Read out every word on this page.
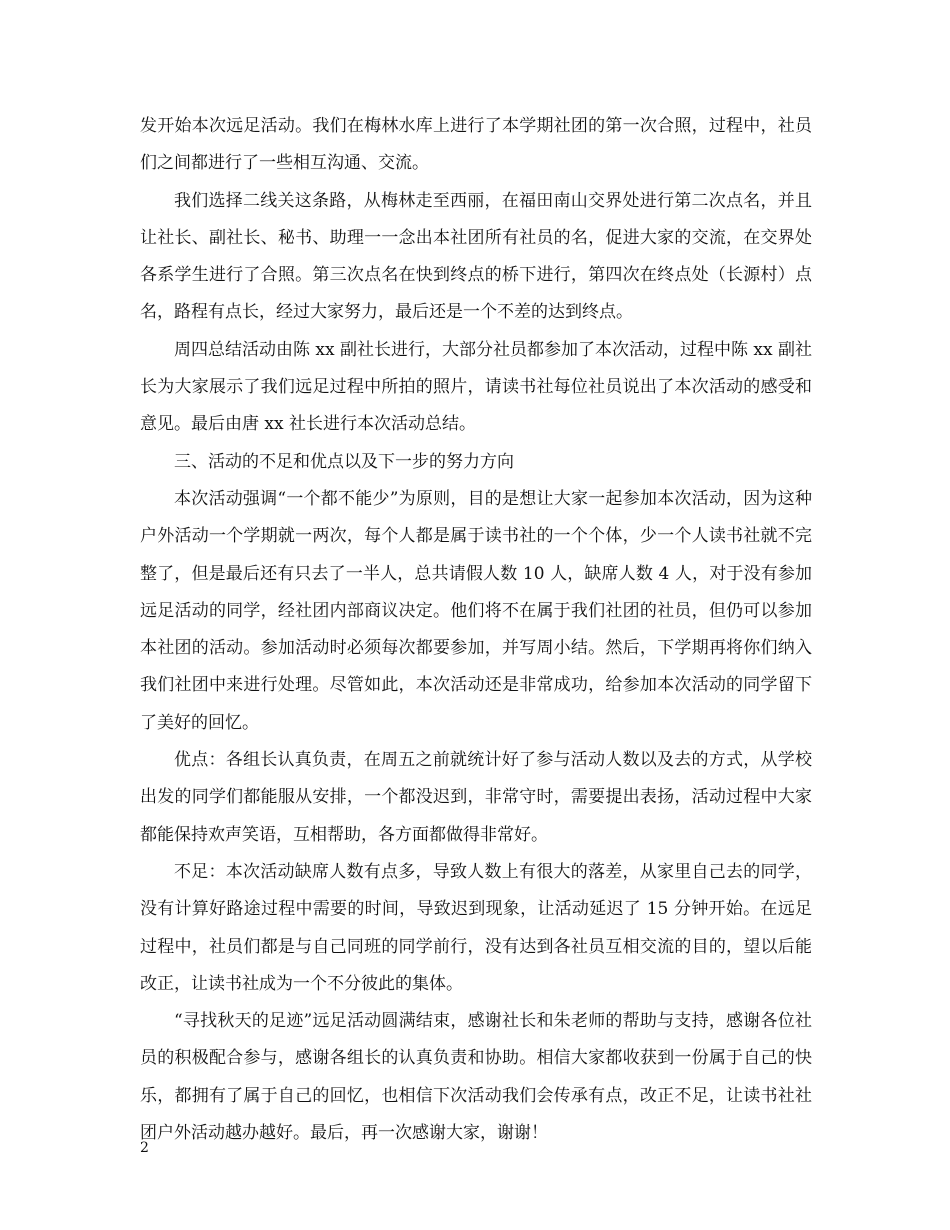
发开始本次远足活动。我们在梅林水库上进行了本学期社团的第一次合照，过程中，社员们之间都进行了一些相互沟通、交流。

我们选择二线关这条路，从梅林走至西丽，在福田南山交界处进行第二次点名，并且让社长、副社长、秘书、助理一一念出本社团所有社员的名，促进大家的交流，在交界处各系学生进行了合照。第三次点名在快到终点的桥下进行，第四次在终点处（长源村）点名，路程有点长，经过大家努力，最后还是一个不差的达到终点。

周四总结活动由陈 xx 副社长进行，大部分社员都参加了本次活动，过程中陈 xx 副社长为大家展示了我们远足过程中所拍的照片，请读书社每位社员说出了本次活动的感受和意见。最后由唐 xx 社长进行本次活动总结。

三、活动的不足和优点以及下一步的努力方向

本次活动强调“一个都不能少”为原则，目的是想让大家一起参加本次活动，因为这种户外活动一个学期就一两次，每个人都是属于读书社的一个个体，少一个人读书社就不完整了，但是最后还有只去了一半人，总共请假人数 10 人，缺席人数 4 人，对于没有参加远足活动的同学，经社团内部商议决定。他们将不在属于我们社团的社员，但仍可以参加本社团的活动。参加活动时必须每次都要参加，并写周小结。然后，下学期再将你们纳入我们社团中来进行处理。尽管如此，本次活动还是非常成功，给参加本次活动的同学留下了美好的回忆。

优点：各组长认真负责，在周五之前就统计好了参与活动人数以及去的方式，从学校出发的同学们都能服从安排，一个都没迟到，非常守时，需要提出表扬，活动过程中大家都能保持欢声笑语，互相帮助，各方面都做得非常好。

不足：本次活动缺席人数有点多，导致人数上有很大的落差，从家里自己去的同学，没有计算好路途过程中需要的时间，导致迟到现象，让活动延迟了 15 分钟开始。在远足过程中，社员们都是与自己同班的同学前行，没有达到各社员互相交流的目的，望以后能改正，让读书社成为一个不分彼此的集体。

“寻找秋天的足迹”远足活动圆满结束，感谢社长和朱老师的帮助与支持，感谢各位社员的积极配合参与，感谢各组长的认真负责和协助。相信大家都收获到一份属于自己的快乐，都拥有了属于自己的回忆，也相信下次活动我们会传承有点，改正不足，让读书社社团户外活动越办越好。最后，再一次感谢大家，谢谢！

2
